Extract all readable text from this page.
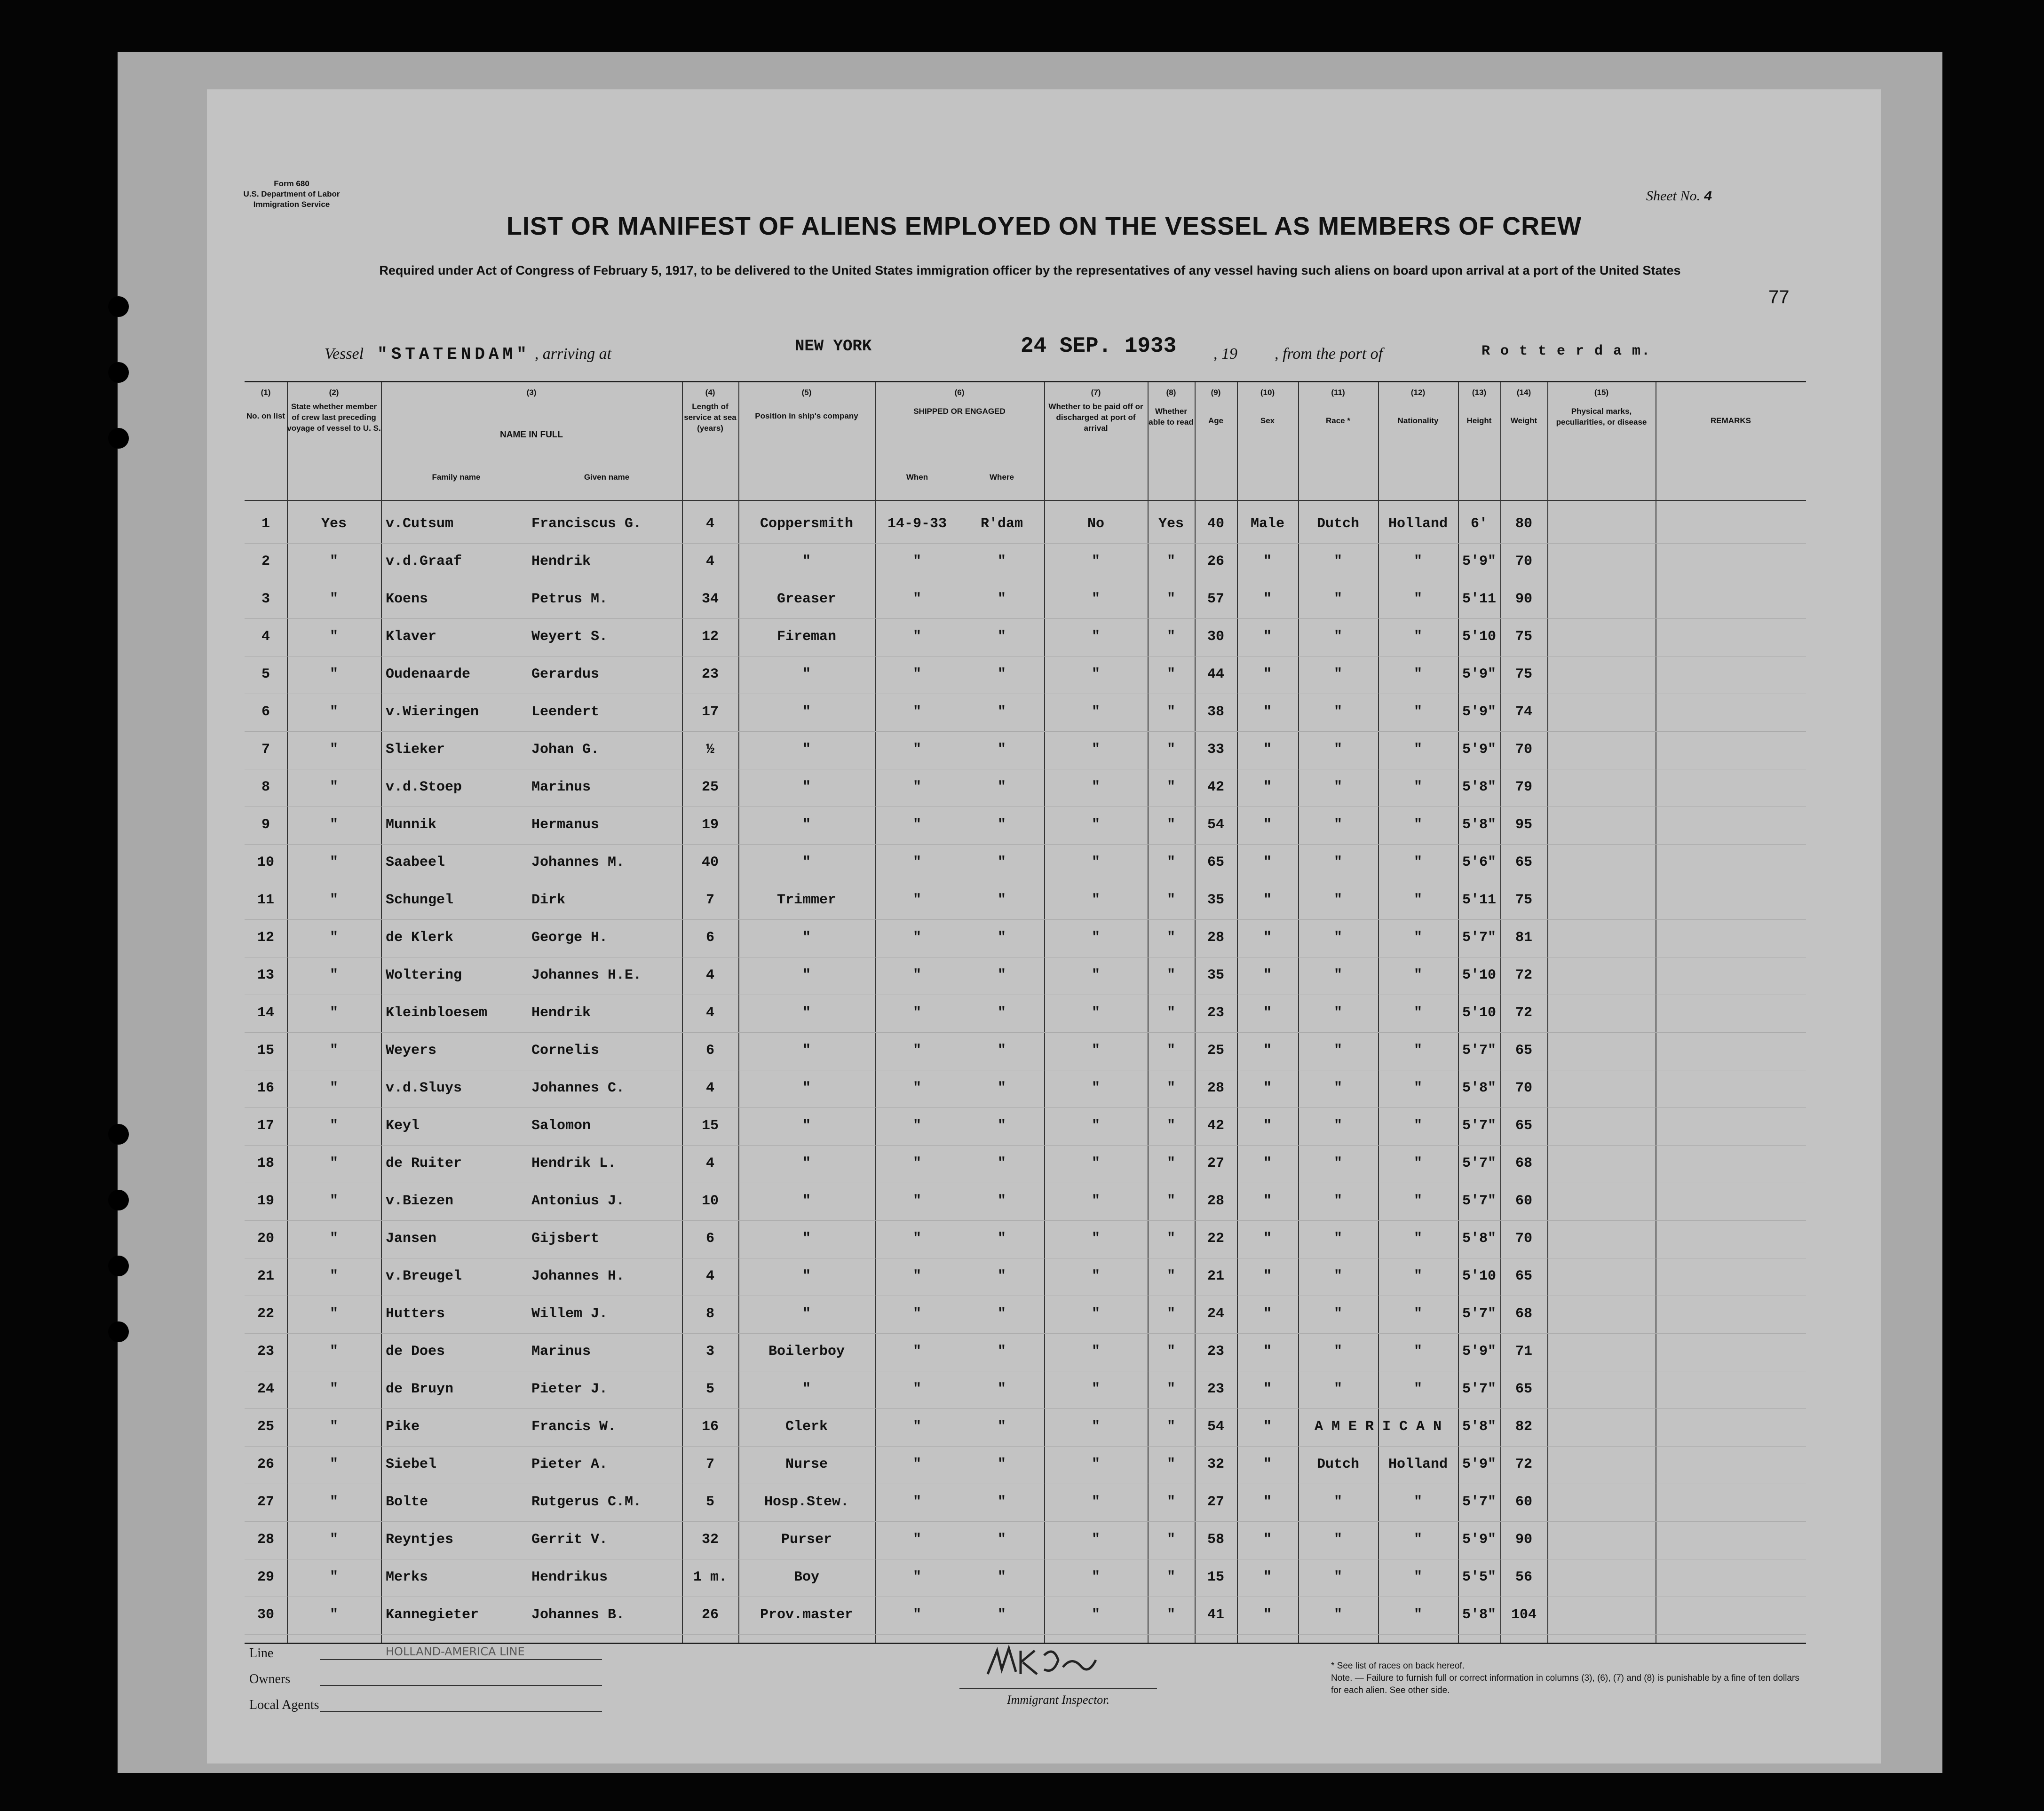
Form 680
U.S. Department of Labor
Immigration Service
LIST OR MANIFEST OF ALIENS EMPLOYED ON THE VESSEL AS MEMBERS OF CREW
Sheet No. 4
Required under Act of Congress of February 5, 1917, to be delivered to the United States immigration officer by the representatives of any vessel having such aliens on board upon arrival at a port of the United States
77
Vessel "STATENDAM" , arriving at	NEW YORK	24 SEP. 1933 , 19 , from the port of	R o t t e r d a m.
(1)
No. on list
(2)
State whether member of crew last preceding voyage of vessel to U. S.
(3)
NAME IN FULL
Family name	Given name
(4)
Length of service at sea (years)
(5)
Position in ship's company
(6)
SHIPPED OR ENGAGED
When	Where
(7)
Whether to be paid off or discharged at port of arrival
(8)
Whether able to read
(9)
Age
(10)
Sex
(11)
Race *
(12)
Nationality
(13)
Height
(14)
Weight
(15)
Physical marks, peculiarities, or disease	REMARKS
1	Yes	v.Cutsum	Franciscus G.	4	Coppersmith	14-9-33	R'dam	No	Yes	40	Male	Dutch	Holland	6'	80
2	"	v.d.Graaf	Hendrik	4	"	"	"	"	"	26	"	"	"	5'9"	70
3	"	Koens	Petrus M.	34	Greaser	"	"	"	"	57	"	"	"	5'11	90
4	"	Klaver	Weyert S.	12	Fireman	"	"	"	"	30	"	"	"	5'10	75
5	"	Oudenaarde	Gerardus	23	"	"	"	"	"	44	"	"	"	5'9"	75
6	"	v.Wieringen	Leendert	17	"	"	"	"	"	38	"	"	"	5'9"	74
7	"	Slieker	Johan G.	½	"	"	"	"	"	33	"	"	"	5'9"	70
8	"	v.d.Stoep	Marinus	25	"	"	"	"	"	42	"	"	"	5'8"	79
9	"	Munnik	Hermanus	19	"	"	"	"	"	54	"	"	"	5'8"	95
10	"	Saabeel	Johannes M.	40	"	"	"	"	"	65	"	"	"	5'6"	65
11	"	Schungel	Dirk	7	Trimmer	"	"	"	"	35	"	"	"	5'11	75
12	"	de Klerk	George H.	6	"	"	"	"	"	28	"	"	"	5'7"	81
13	"	Woltering	Johannes H.E.	4	"	"	"	"	"	35	"	"	"	5'10	72
14	"	Kleinbloesem	Hendrik	4	"	"	"	"	"	23	"	"	"	5'10	72
15	"	Weyers	Cornelis	6	"	"	"	"	"	25	"	"	"	5'7"	65
16	"	v.d.Sluys	Johannes C.	4	"	"	"	"	"	28	"	"	"	5'8"	70
17	"	Keyl	Salomon	15	"	"	"	"	"	42	"	"	"	5'7"	65
18	"	de Ruiter	Hendrik L.	4	"	"	"	"	"	27	"	"	"	5'7"	68
19	"	v.Biezen	Antonius J.	10	"	"	"	"	"	28	"	"	"	5'7"	60
20	"	Jansen	Gijsbert	6	"	"	"	"	"	22	"	"	"	5'8"	70
21	"	v.Breugel	Johannes H.	4	"	"	"	"	"	21	"	"	"	5'10	65
22	"	Hutters	Willem J.	8	"	"	"	"	"	24	"	"	"	5'7"	68
23	"	de Does	Marinus	3	Boilerboy	"	"	"	"	23	"	"	"	5'9"	71
24	"	de Bruyn	Pieter J.	5	"	"	"	"	"	23	"	"	"	5'7"	65
25	"	Pike	Francis W.	16	Clerk	"	"	"	"	54	"	A M E R I C A N	5'8"	82
26	"	Siebel	Pieter A.	7	Nurse	"	"	"	"	32	"	Dutch	Holland	5'9"	72
27	"	Bolte	Rutgerus C.M.	5	Hosp.Stew.	"	"	"	"	27	"	"	"	5'7"	60
28	"	Reyntjes	Gerrit V.	32	Purser	"	"	"	"	58	"	"	"	5'9"	90
29	"	Merks	Hendrikus	1 m.	Boy	"	"	"	"	15	"	"	"	5'5"	56
30	"	Kannegieter	Johannes B.	26	Prov.master	"	"	"	"	41	"	"	"	5'8"	104
Line	HOLLAND-AMERICA LINE
Owners
Local Agents	Immigrant Inspector.
* See list of races on back hereof.
Note. — Failure to furnish full or correct information in columns (3), (6), (7) and (8) is punishable by a fine of ten dollars for each alien. See other side.
